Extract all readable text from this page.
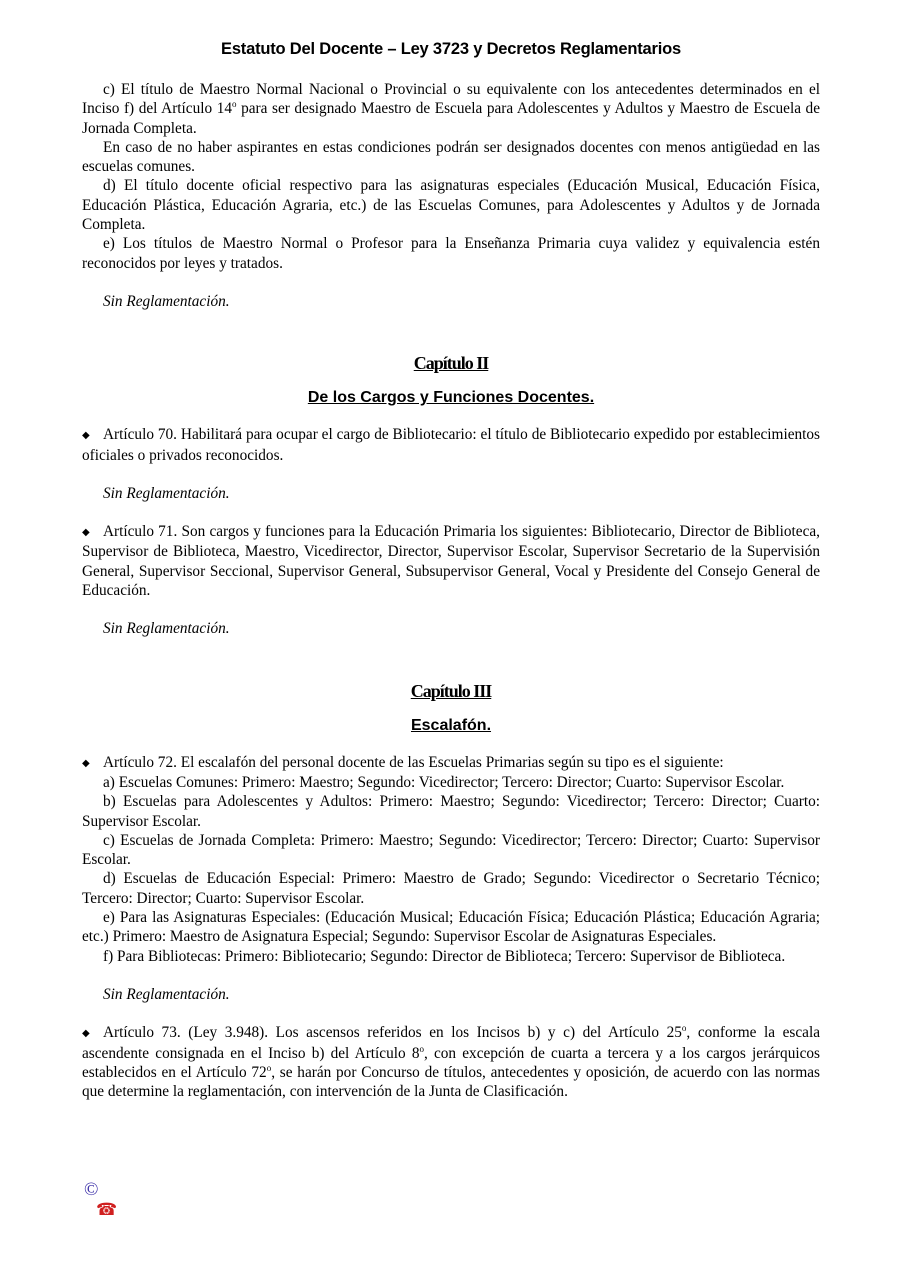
Estatuto Del Docente – Ley 3723 y Decretos Reglamentarios

c) El título de Maestro Normal Nacional o Provincial o su equivalente con los antecedentes determinados en el Inciso f) del Artículo 14$^o$ para ser designado Maestro de Escuela para Adolescentes y Adultos y Maestro de Escuela de Jornada Completa.

En caso de no haber aspirantes en estas condiciones podrán ser designados docentes con menos antigüedad en las escuelas comunes.

d) El título docente oficial respectivo para las asignaturas especiales (Educación Musical, Educación Física, Educación Plástica, Educación Agraria, etc.) de las Escuelas Comunes, para Adolescentes y Adultos y de Jornada Completa.

e) Los títulos de Maestro Normal o Profesor para la Enseñanza Primaria cuya validez y equivalencia estén reconocidos por leyes y tratados.

Sin Reglamentación.

Capítulo II
De los Cargos y Funciones Docentes.

◆ Artículo 70. Habilitará para ocupar el cargo de Bibliotecario: el título de Bibliotecario expedido por establecimientos oficiales o privados reconocidos.

Sin Reglamentación.

◆ Artículo 71. Son cargos y funciones para la Educación Primaria los siguientes: Bibliotecario, Director de Biblioteca, Supervisor de Biblioteca, Maestro, Vicedirector, Director, Supervisor Escolar, Supervisor Secretario de la Supervisión General, Supervisor Seccional, Supervisor General, Subsupervisor General, Vocal y Presidente del Consejo General de Educación.

Sin Reglamentación.

Capítulo III
Escalafón.

◆ Artículo 72. El escalafón del personal docente de las Escuelas Primarias según su tipo es el siguiente:

a) Escuelas Comunes: Primero: Maestro; Segundo: Vicedirector; Tercero: Director; Cuarto: Supervisor Escolar.

b) Escuelas para Adolescentes y Adultos: Primero: Maestro; Segundo: Vicedirector; Tercero: Director; Cuarto: Supervisor Escolar.

c) Escuelas de Jornada Completa: Primero: Maestro; Segundo: Vicedirector; Tercero: Director; Cuarto: Supervisor Escolar.

d) Escuelas de Educación Especial: Primero: Maestro de Grado; Segundo: Vicedirector o Secretario Técnico; Tercero: Director; Cuarto: Supervisor Escolar.

e) Para las Asignaturas Especiales: (Educación Musical; Educación Física; Educación Plástica; Educación Agraria; etc.) Primero: Maestro de Asignatura Especial; Segundo: Supervisor Escolar de Asignaturas Especiales.

f) Para Bibliotecas: Primero: Bibliotecario; Segundo: Director de Biblioteca; Tercero: Supervisor de Biblioteca.

Sin Reglamentación.

◆ Artículo 73. (Ley 3.948). Los ascensos referidos en los Incisos b) y c) del Artículo 25$^o$, conforme la escala ascendente consignada en el Inciso b) del Artículo 8$^o$, con excepción de cuarta a tercera y a los cargos jerárquicos establecidos en el Artículo 72$^o$, se harán por Concurso de títulos, antecedentes y oposición, de acuerdo con las normas que determine la reglamentación, con intervención de la Junta de Clasificación.

©
☎
